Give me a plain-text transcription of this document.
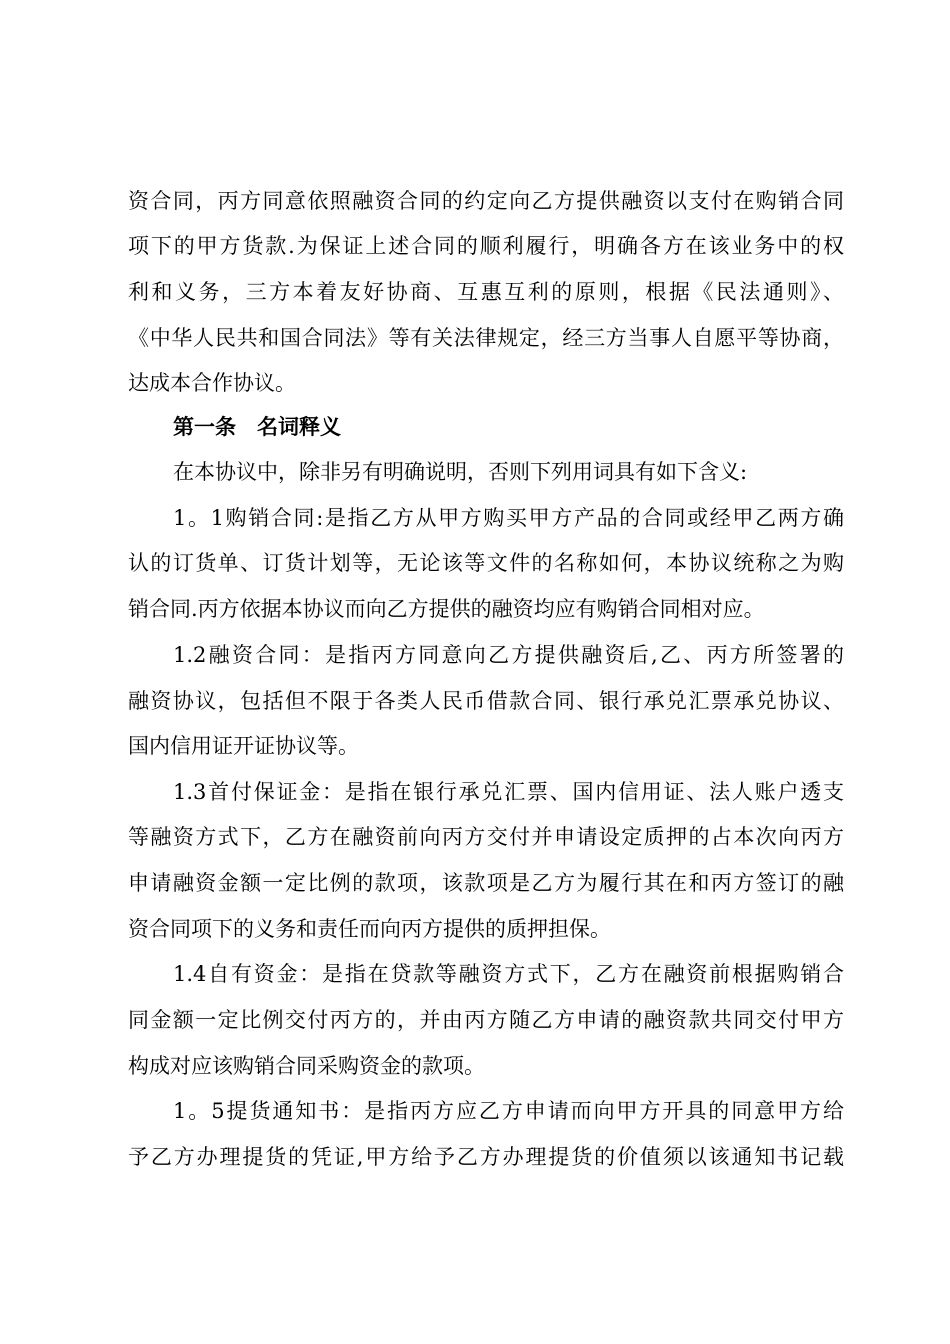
资合同，丙方同意依照融资合同的约定向乙方提供融资以支付在购销合同
项下的甲方货款.为保证上述合同的顺利履行，明确各方在该业务中的权
利和义务，三方本着友好协商、互惠互利的原则，根据《民法通则》、
《中华人民共和国合同法》等有关法律规定，经三方当事人自愿平等协商，
达成本合作协议。
第一条　名词释义
在本协议中，除非另有明确说明，否则下列用词具有如下含义:
1。1购销合同:是指乙方从甲方购买甲方产品的合同或经甲乙两方确
认的订货单、订货计划等，无论该等文件的名称如何，本协议统称之为购
销合同.丙方依据本协议而向乙方提供的融资均应有购销合同相对应。
1.2融资合同：是指丙方同意向乙方提供融资后,乙、丙方所签署的
融资协议，包括但不限于各类人民币借款合同、银行承兑汇票承兑协议、
国内信用证开证协议等。
1.3首付保证金：是指在银行承兑汇票、国内信用证、法人账户透支
等融资方式下，乙方在融资前向丙方交付并申请设定质押的占本次向丙方
申请融资金额一定比例的款项，该款项是乙方为履行其在和丙方签订的融
资合同项下的义务和责任而向丙方提供的质押担保。
1.4自有资金：是指在贷款等融资方式下，乙方在融资前根据购销合
同金额一定比例交付丙方的，并由丙方随乙方申请的融资款共同交付甲方
构成对应该购销合同采购资金的款项。
1。5提货通知书：是指丙方应乙方申请而向甲方开具的同意甲方给
予乙方办理提货的凭证,甲方给予乙方办理提货的价值须以该通知书记载
